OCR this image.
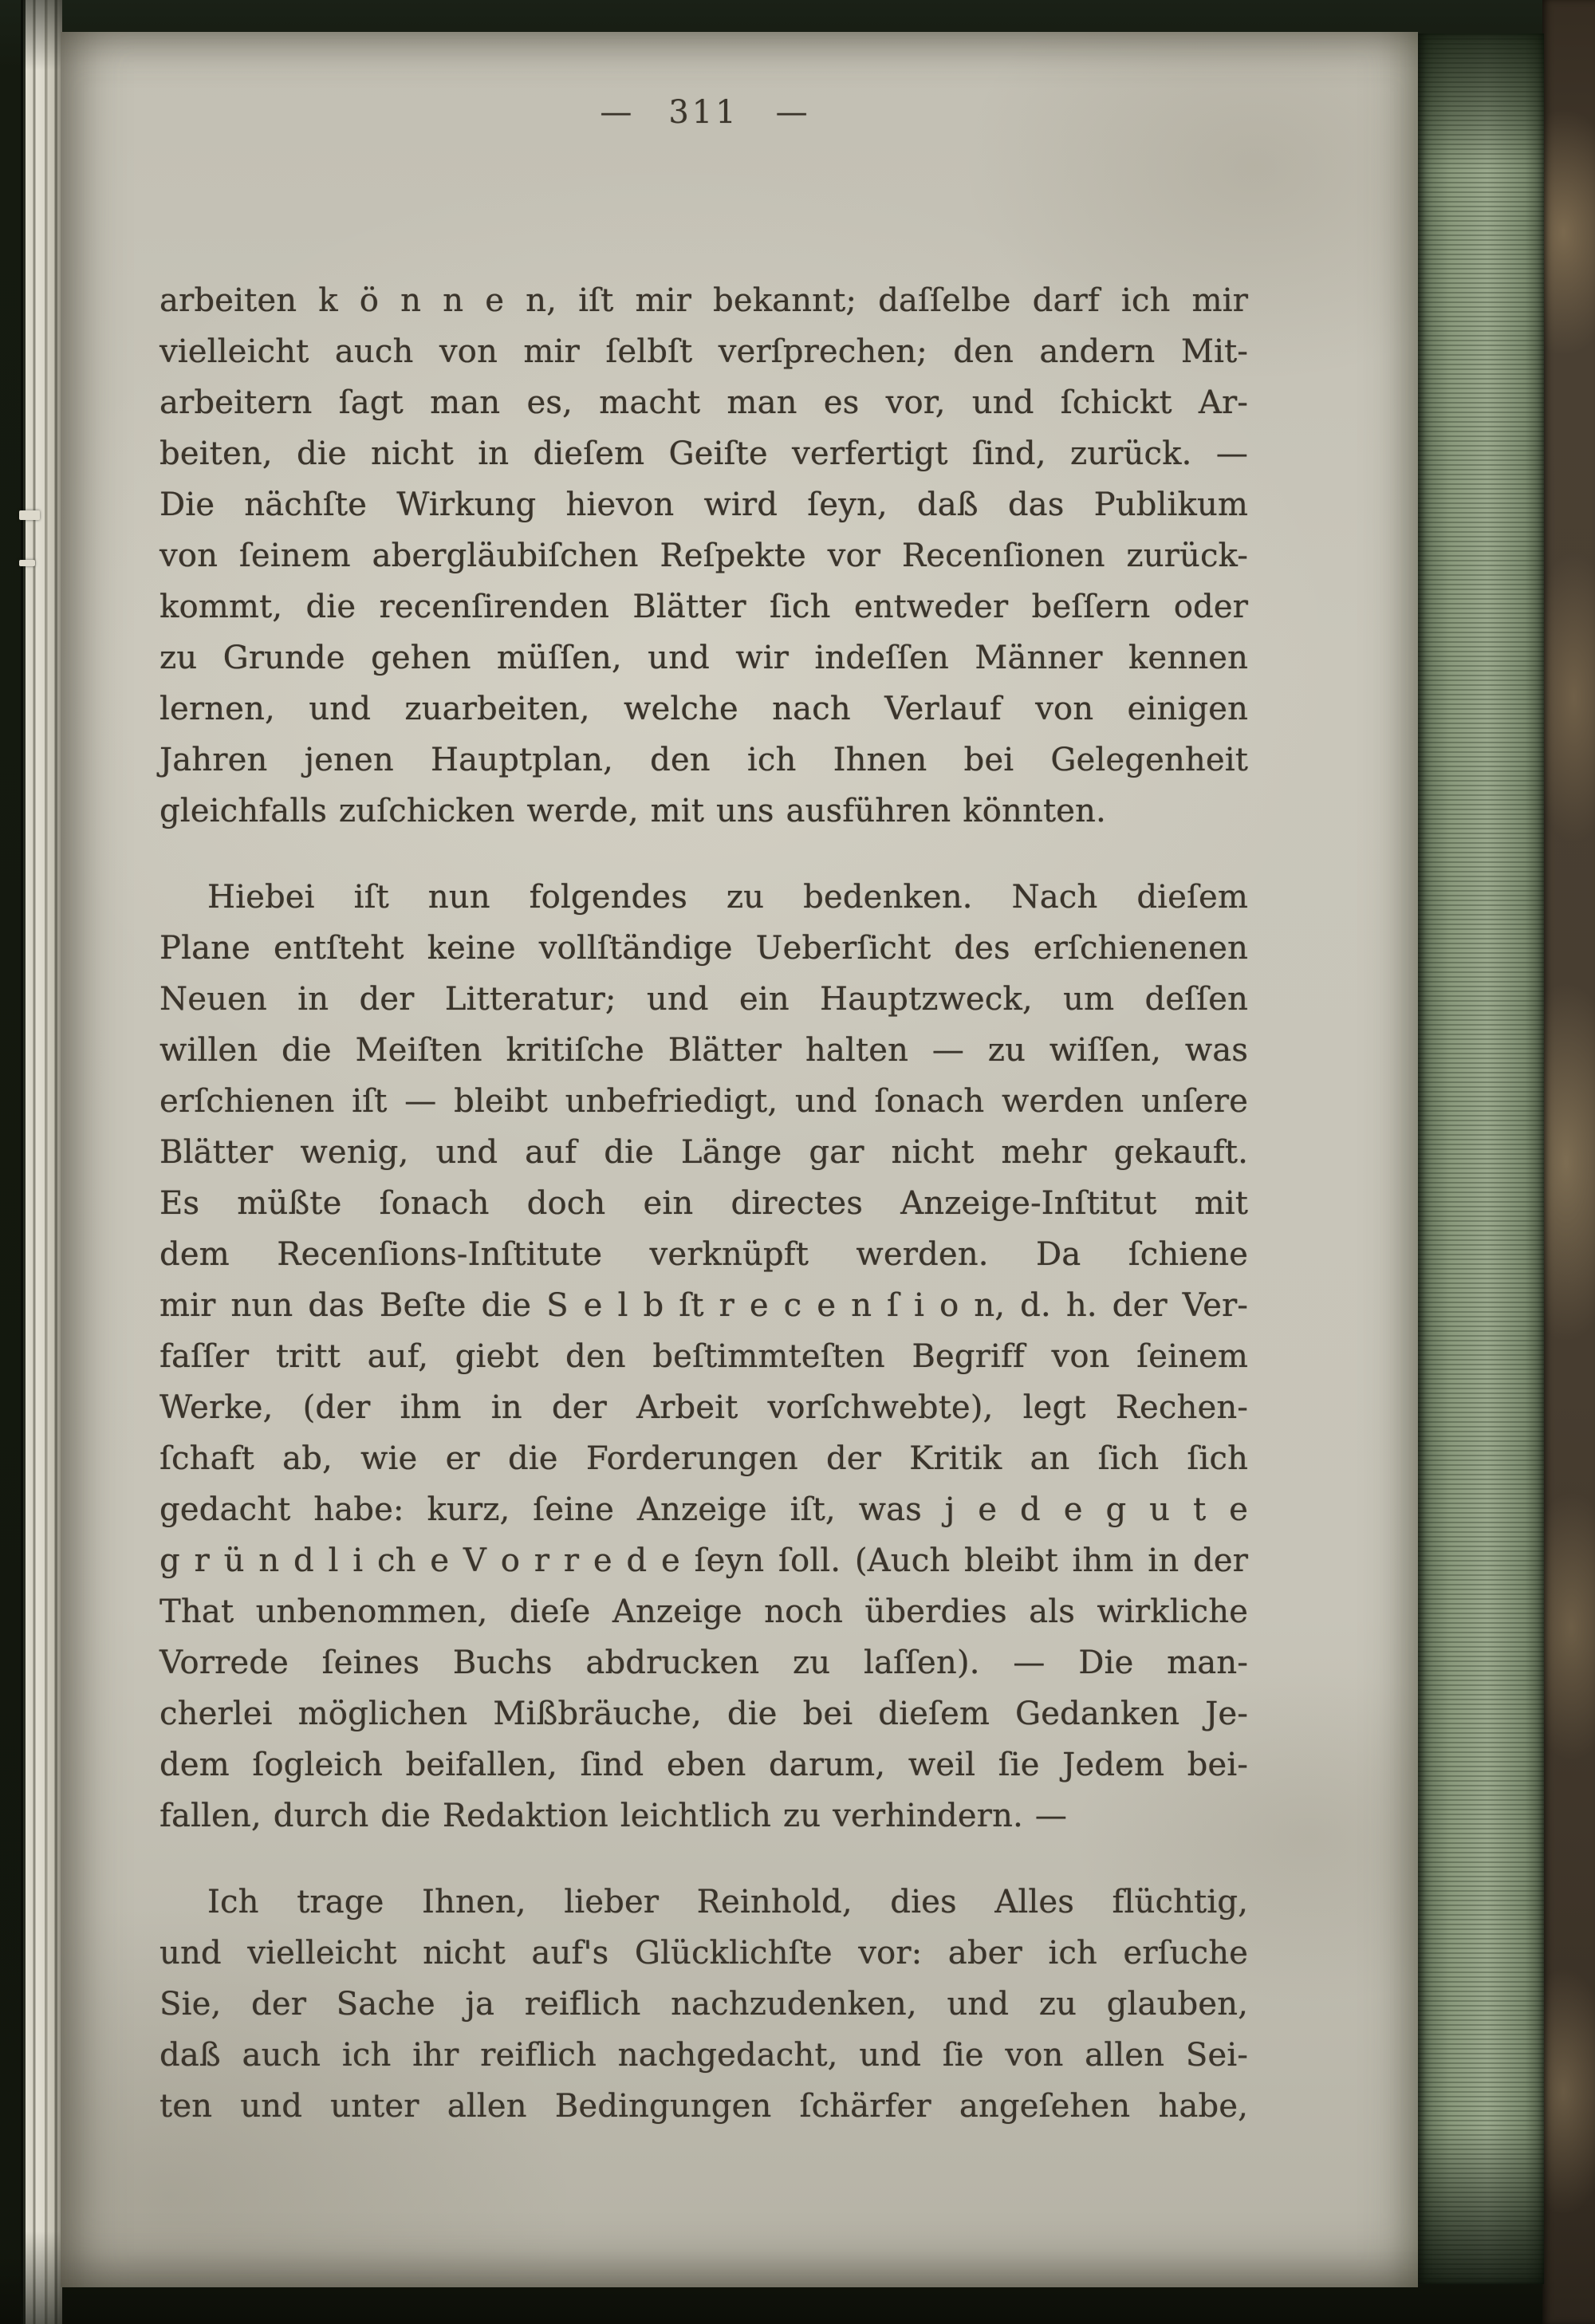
— 311 —
arbeiten k ö n n e n, iſt mir bekannt; daſſelbe darf ich mir
vielleicht auch von mir ſelbſt verſprechen; den andern Mit-
arbeitern ſagt man es, macht man es vor, und ſchickt Ar-
beiten, die nicht in dieſem Geiſte verfertigt ſind, zurück. —
Die nächſte Wirkung hievon wird ſeyn, daß das Publikum
von ſeinem abergläubiſchen Reſpekte vor Recenſionen zurück-
kommt, die recenſirenden Blätter ſich entweder beſſern oder
zu Grunde gehen müſſen, und wir indeſſen Männer kennen
lernen, und zuarbeiten, welche nach Verlauf von einigen
Jahren jenen Hauptplan, den ich Ihnen bei Gelegenheit
gleichfalls zuſchicken werde, mit uns ausführen könnten.
Hiebei iſt nun folgendes zu bedenken. Nach dieſem
Plane entſteht keine vollſtändige Ueberſicht des erſchienenen
Neuen in der Litteratur; und ein Hauptzweck, um deſſen
willen die Meiſten kritiſche Blätter halten — zu wiſſen, was
erſchienen iſt — bleibt unbefriedigt, und ſonach werden unſere
Blätter wenig, und auf die Länge gar nicht mehr gekauft.
Es müßte ſonach doch ein directes Anzeige-Inſtitut mit
dem Recenſions-Inſtitute verknüpft werden. Da ſchiene
mir nun das Beſte die S e l b ſt r e c e n ſ i o n, d. h. der Ver-
faſſer tritt auf, giebt den beſtimmteſten Begriff von ſeinem
Werke, (der ihm in der Arbeit vorſchwebte), legt Rechen-
ſchaft ab, wie er die Forderungen der Kritik an ſich ſich
gedacht habe: kurz, ſeine Anzeige iſt, was j e d e g u t e
g r ü n d l i ch e V o r r e d e ſeyn ſoll. (Auch bleibt ihm in der
That unbenommen, dieſe Anzeige noch überdies als wirkliche
Vorrede ſeines Buchs abdrucken zu laſſen). — Die man-
cherlei möglichen Mißbräuche, die bei dieſem Gedanken Je-
dem ſogleich beifallen, ſind eben darum, weil ſie Jedem bei-
fallen, durch die Redaktion leichtlich zu verhindern. —
Ich trage Ihnen, lieber Reinhold, dies Alles flüchtig,
und vielleicht nicht auf's Glücklichſte vor: aber ich erſuche
Sie, der Sache ja reiflich nachzudenken, und zu glauben,
daß auch ich ihr reiflich nachgedacht, und ſie von allen Sei-
ten und unter allen Bedingungen ſchärfer angeſehen habe,
